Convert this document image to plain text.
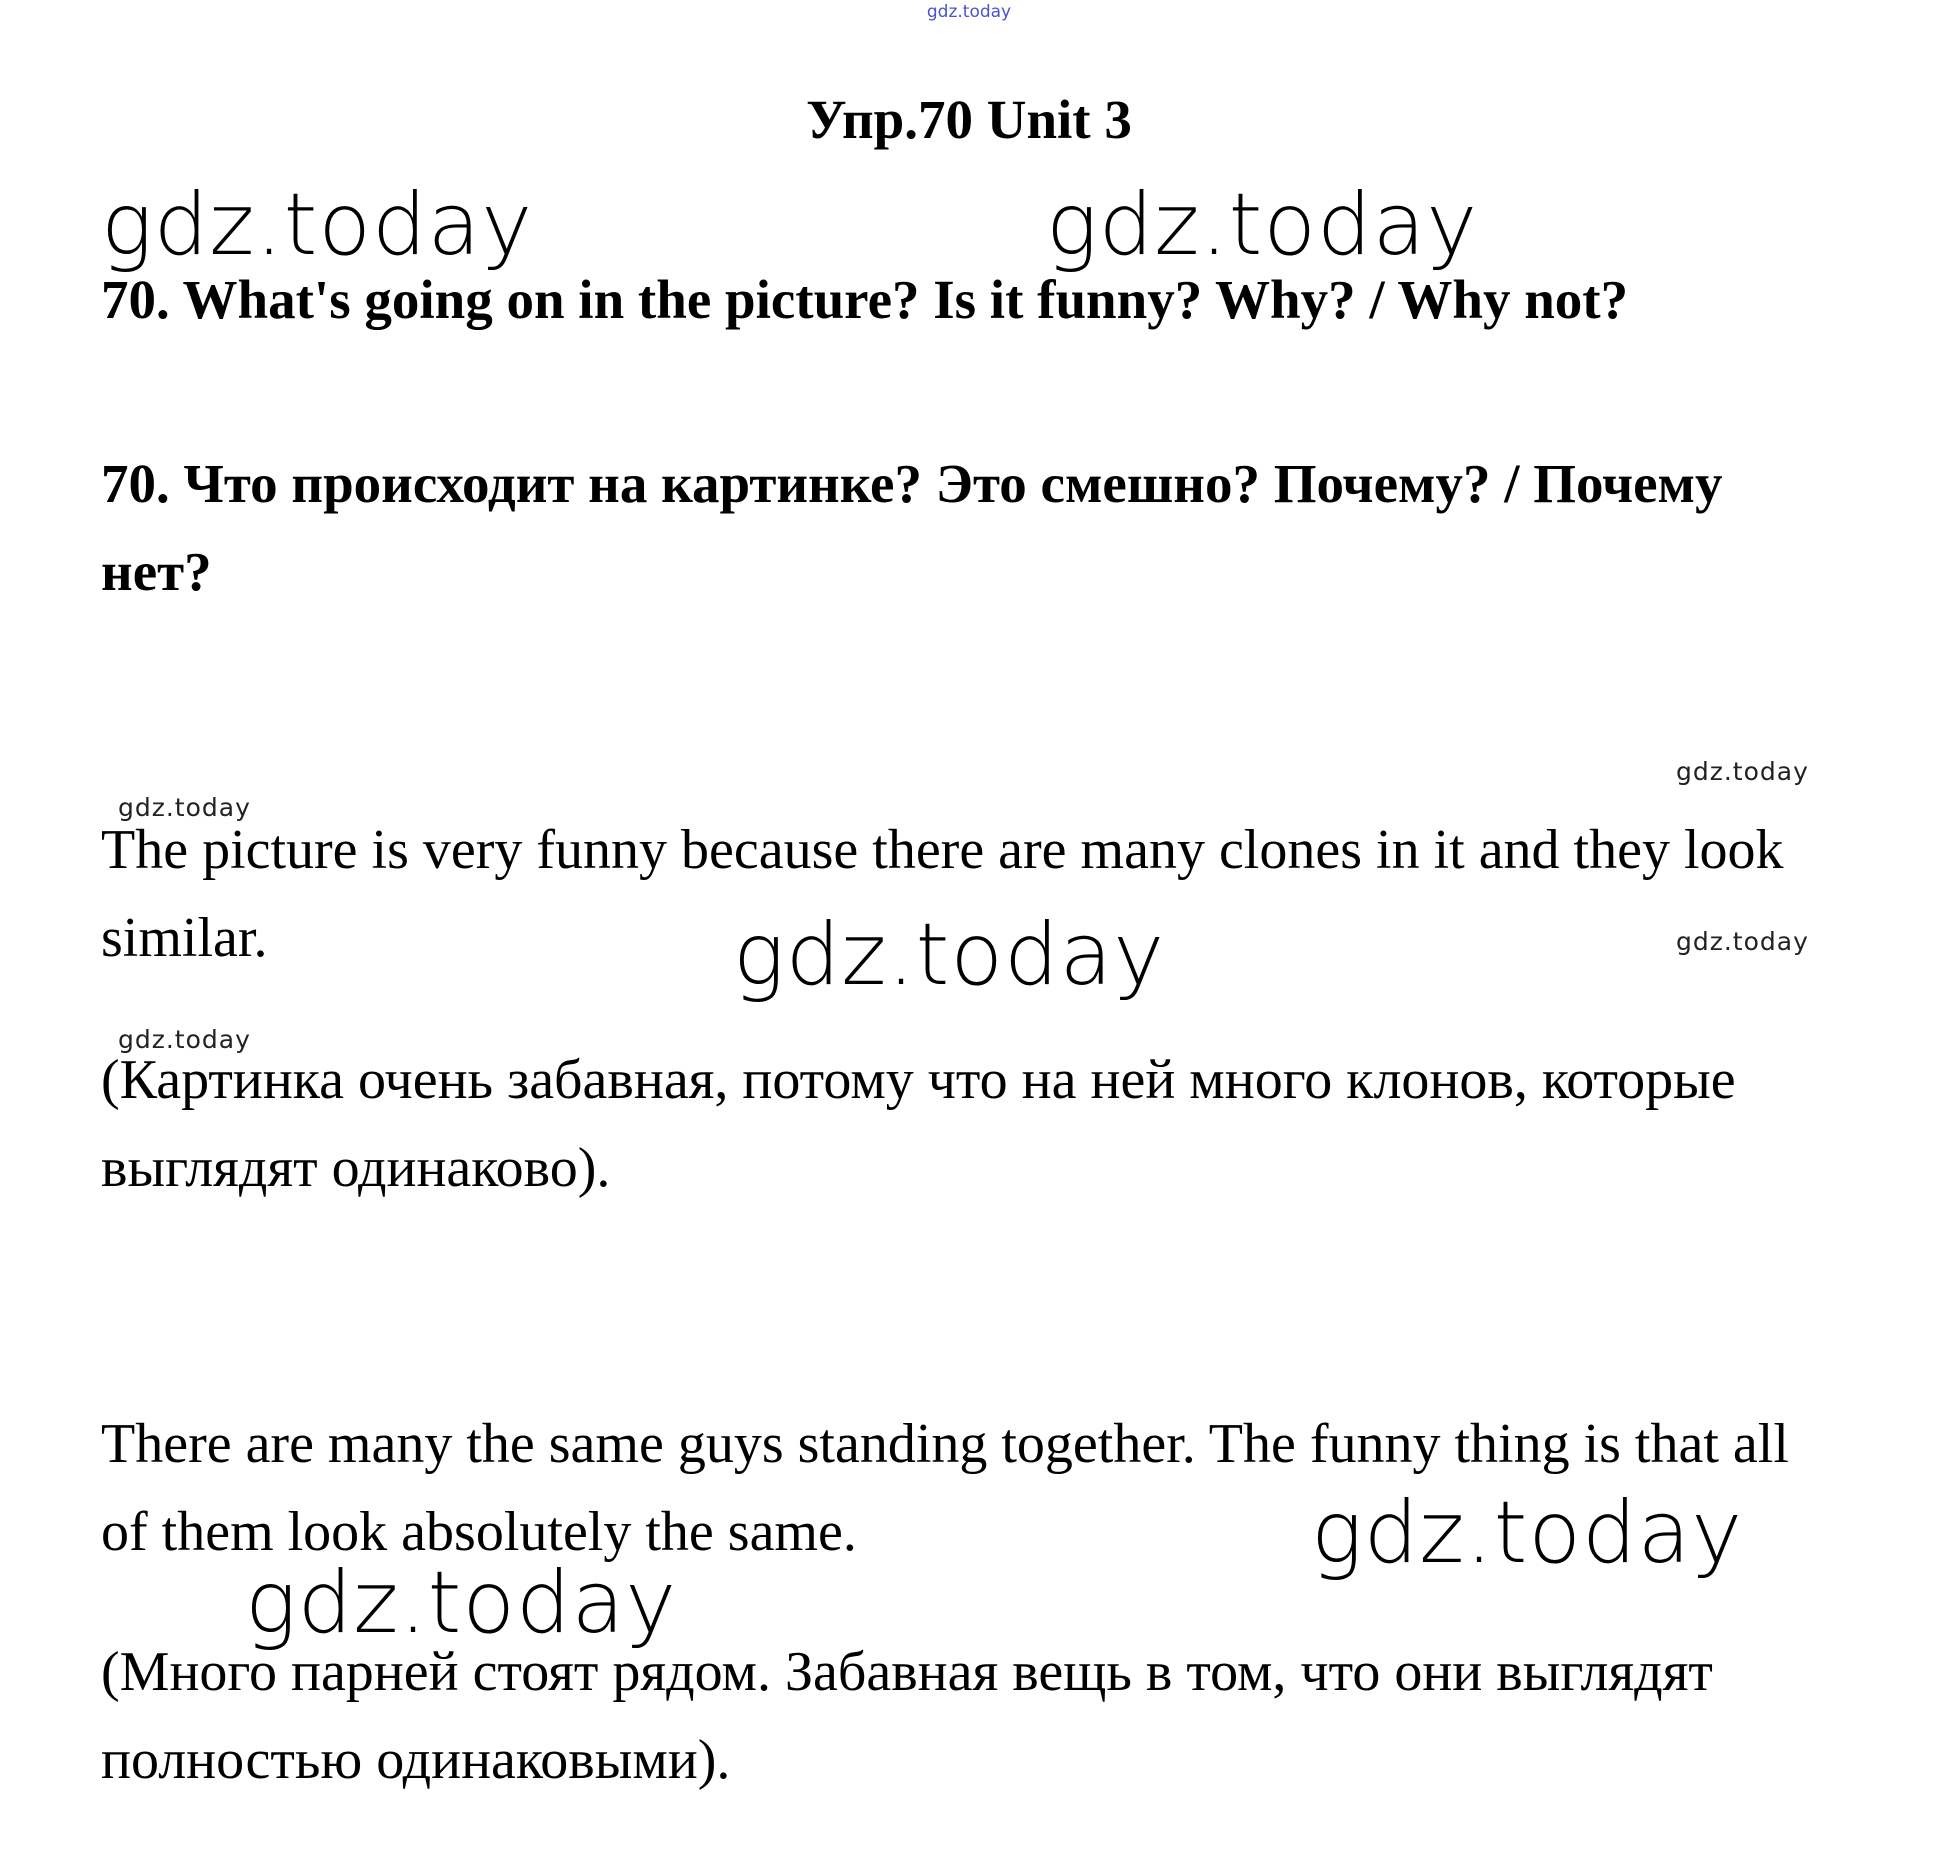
gdz.today
Упр.70 Unit 3

70. What's going on in the picture? Is it funny? Why? / Why not?

70. Что происходит на картинке? Это смешно? Почему? / Почему нет?

The picture is very funny because there are many clones in it and they look similar.

(Картинка очень забавная, потому что на ней много клонов, которые выглядят одинаково).

There are many the same guys standing together. The funny thing is that all of them look absolutely the same.

(Много парней стоят рядом. Забавная вещь в том, что они выглядят полностью одинаковыми).

gdz.today	gdz.today
gdz.today
gdz.today
gdz.today	gdz.today
gdz.today
gdz.today
gdz.today
